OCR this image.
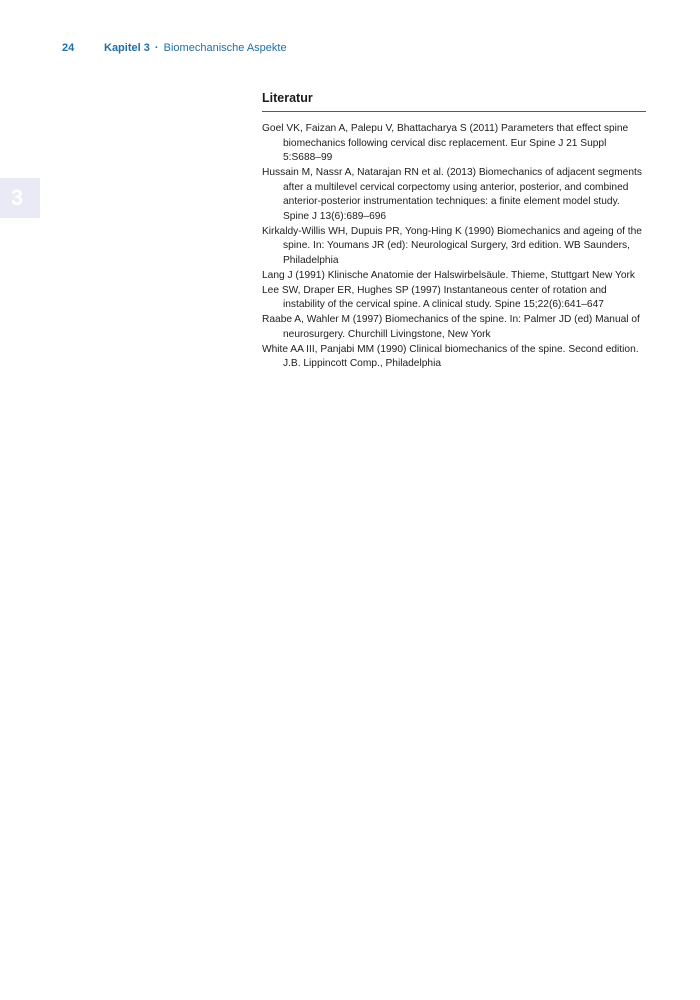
24	Kapitel 3 · Biomechanische Aspekte
3
Literatur
Goel VK, Faizan A, Palepu V, Bhattacharya S (2011) Parameters that effect spine biomechanics following cervical disc replacement. Eur Spine J 21 Suppl 5:S688–99
Hussain M, Nassr A, Natarajan RN et al. (2013) Biomechanics of adjacent segments after a multilevel cervical corpectomy using anterior, posterior, and combined anterior-posterior instrumentation techniques: a finite element model study. Spine J 13(6):689–696
Kirkaldy-Willis WH, Dupuis PR, Yong-Hing K (1990) Biomechanics and ageing of the spine. In: Youmans JR (ed): Neurological Surgery, 3rd edition. WB Saunders, Philadelphia
Lang J (1991) Klinische Anatomie der Halswirbelsäule. Thieme, Stuttgart New York
Lee SW, Draper ER, Hughes SP (1997) Instantaneous center of rotation and instability of the cervical spine. A clinical study. Spine 15;22(6):641–647
Raabe A, Wahler M (1997) Biomechanics of the spine. In: Palmer JD (ed) Manual of neurosurgery. Churchill Livingstone, New York
White AA III, Panjabi MM (1990) Clinical biomechanics of the spine. Second edition. J.B. Lippincott Comp., Philadelphia
